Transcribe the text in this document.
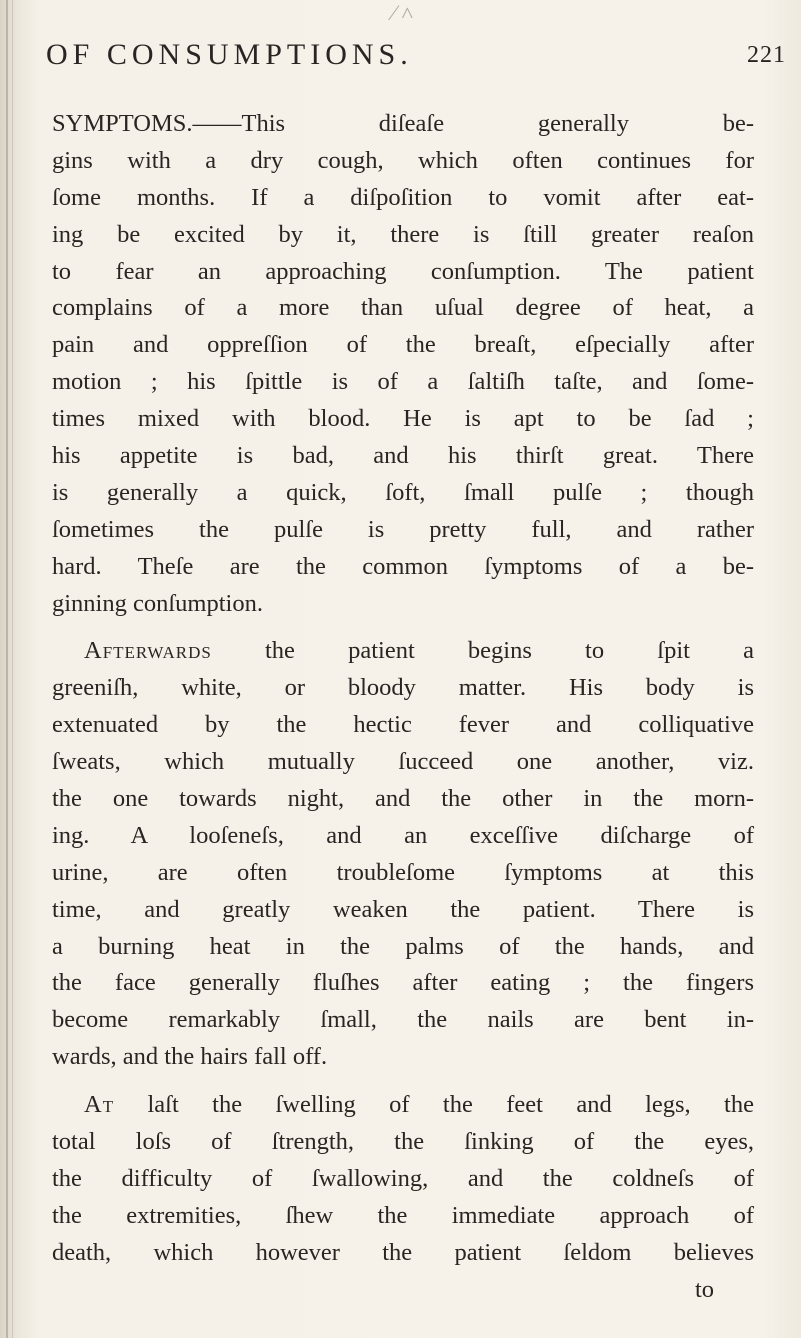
⁄ ˄
OF CONSUMPTIONS.	221
SYMPTOMS.——This diſeaſe generally be-
gins with a dry cough, which often continues for
ſome months. If a diſpoſition to vomit after eat-
ing be excited by it, there is ſtill greater reaſon
to fear an approaching conſumption. The patient
complains of a more than uſual degree of heat, a
pain and oppreſſion of the breaſt, eſpecially after
motion ; his ſpittle is of a ſaltiſh taſte, and ſome-
times mixed with blood. He is apt to be ſad ;
his appetite is bad, and his thirſt great. There
is generally a quick, ſoft, ſmall pulſe ; though
ſometimes the pulſe is pretty full, and rather
hard. Theſe are the common ſymptoms of a be-
ginning conſumption.
Afterwards the patient begins to ſpit a
greeniſh, white, or bloody matter. His body is
extenuated by the hectic fever and colliquative
ſweats, which mutually ſucceed one another, viz.
the one towards night, and the other in the morn-
ing. A looſeneſs, and an exceſſive diſcharge of
urine, are often troubleſome ſymptoms at this
time, and greatly weaken the patient. There is
a burning heat in the palms of the hands, and
the face generally fluſhes after eating ; the fingers
become remarkably ſmall, the nails are bent in-
wards, and the hairs fall off.
At laſt the ſwelling of the feet and legs, the
total loſs of ſtrength, the ſinking of the eyes,
the difficulty of ſwallowing, and the coldneſs of
the extremities, ſhew the immediate approach of
death, which however the patient ſeldom believes
to
